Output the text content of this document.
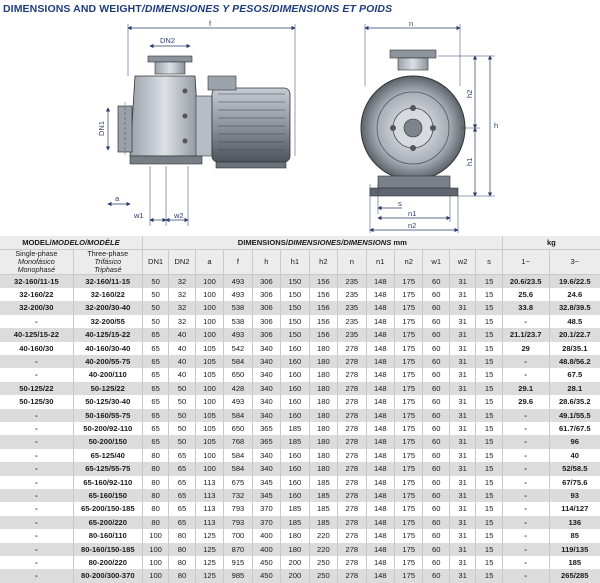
DIMENSIONS AND WEIGHT/DIMENSIONES Y PESOS/DIMENSIONS ET POIDS
f
DN2
DN1
a
w1	w2
n
h
h2
h1
s
n1
n2
MODEL/MODELO/MODÈLE		DIMENSIONS/DIMENSIONES/DIMENSIONS mm													kg	
Single-phase
Monofásico
Monophasé	Three-phase
Trifásico
Triphasé	DN1	DN2	a	f	h	h1	h2	n	n1	n2	w1	w2	s	1~	3~
32-160/11-15	32-160/11-15	50	32	100	493	306	150	156	235	148	175	60	31	15	20.6/23.5	19.6/22.5
32-160/22	32-160/22	50	32	100	493	306	150	156	235	148	175	60	31	15	25.6	24.6
32-200/30	32-200/30-40	50	32	100	538	306	150	156	235	148	175	60	31	15	33.8	32.8/39.5
-	32-200/55	50	32	100	538	306	150	156	235	148	175	60	31	15	-	48.5
40-125/15-22	40-125/15-22	65	40	100	493	306	150	156	235	148	175	60	31	15	21.1/23.7	20.1/22.7
40-160/30	40-160/30-40	65	40	105	542	340	160	180	278	148	175	60	31	15	29	28/35.1
-	40-200/55-75	65	40	105	584	340	160	180	278	148	175	60	31	15	-	48.8/56.2
-	40-200/110	65	40	105	650	340	160	180	278	148	175	60	31	15	-	67.5
50-125/22	50-125/22	65	50	100	428	340	160	180	278	148	175	60	31	15	29.1	28.1
50-125/30	50-125/30-40	65	50	100	493	340	160	180	278	148	175	60	31	15	29.6	28.6/35.2
-	50-160/55-75	65	50	105	584	340	160	180	278	148	175	60	31	15	-	49.1/55.5
-	50-200/92-110	65	50	105	650	365	185	180	278	148	175	60	31	15	-	61.7/67.5
-	50-200/150	65	50	105	768	365	185	180	278	148	175	60	31	15	-	96
-	65-125/40	80	65	100	584	340	160	180	278	148	175	60	31	15	-	40
-	65-125/55-75	80	65	100	584	340	160	180	278	148	175	60	31	15	-	52/58.5
-	65-160/92-110	80	65	113	675	345	160	185	278	148	175	60	31	15	-	67/75.6
-	65-160/150	80	65	113	732	345	160	185	278	148	175	60	31	15	-	93
-	65-200/150-185	80	65	113	793	370	185	185	278	148	175	60	31	15	-	114/127
-	65-200/220	80	65	113	793	370	185	185	278	148	175	60	31	15	-	136
-	80-160/110	100	80	125	700	400	180	220	278	148	175	60	31	15	-	85
-	80-160/150-185	100	80	125	870	400	180	220	278	148	175	60	31	15	-	119/135
-	80-200/220	100	80	125	915	450	200	250	278	148	175	60	31	15	-	185
-	80-200/300-370	100	80	125	985	450	200	250	278	148	175	60	31	15	-	265/285
